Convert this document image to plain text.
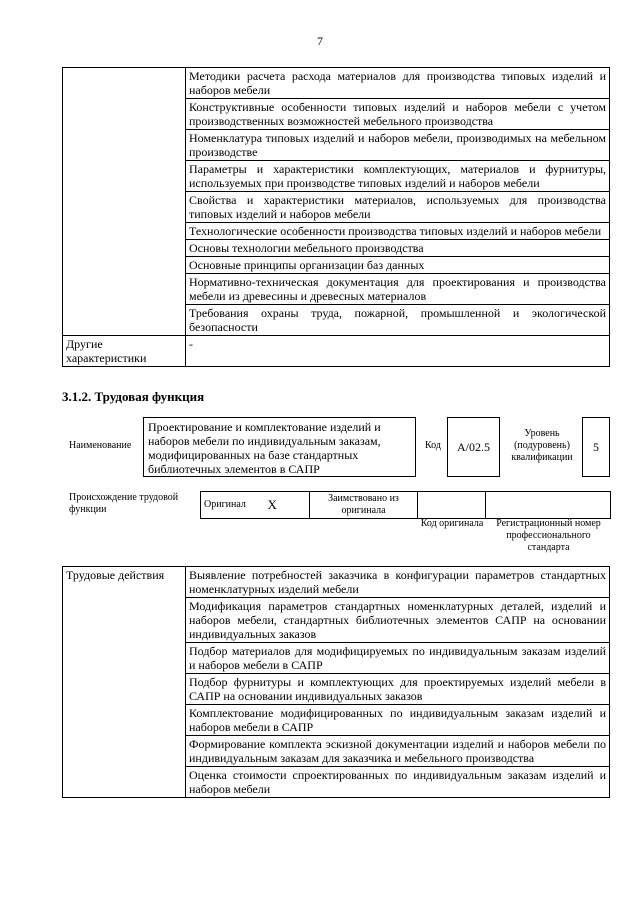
7
	Методики расчета расхода материалов для производства типовых изделий и наборов мебели
	Конструктивные особенности типовых изделий и наборов мебели с учетом производственных возможностей мебельного производства
	Номенклатура типовых изделий и наборов мебели, производимых на мебельном производстве
	Параметры и характеристики комплектующих, материалов и фурнитуры, используемых при производстве типовых изделий и наборов мебели
	Свойства и характеристики материалов, используемых для производства типовых изделий и наборов мебели
	Технологические особенности производства типовых изделий и наборов мебели
	Основы технологии мебельного производства
	Основные принципы организации баз данных
	Нормативно-техническая документация для проектирования и производства мебели из древесины и древесных материалов
	Требования охраны труда, пожарной, промышленной и экологической безопасности
Другие характеристики	-
3.1.2. Трудовая функция
Наименование
Проектирование и комплектование изделий и наборов мебели по индивидуальным заказам, модифицированных на базе стандартных библиотечных элементов в САПР
Код	А/02.5
Уровень (подуровень) квалификации
5
Происхождение трудовой функции	Оригинал	X	Заимствовано из оригинала		
Код оригинала	Регистрационный номер профессионального стандарта
Трудовые действия	Выявление потребностей заказчика в конфигурации параметров стандартных номенклатурных изделий мебели
Модификация параметров стандартных номенклатурных деталей, изделий и наборов мебели, стандартных библиотечных элементов САПР на основании индивидуальных заказов
Подбор материалов для модифицируемых по индивидуальным заказам изделий и наборов мебели в САПР
Подбор фурнитуры и комплектующих для проектируемых изделий мебели в САПР на основании индивидуальных заказов
Комплектование модифицированных по индивидуальным заказам изделий и наборов мебели в САПР
Формирование комплекта эскизной документации изделий и наборов мебели по индивидуальным заказам для заказчика и мебельного производства
Оценка стоимости спроектированных по индивидуальным заказам изделий и наборов мебели
